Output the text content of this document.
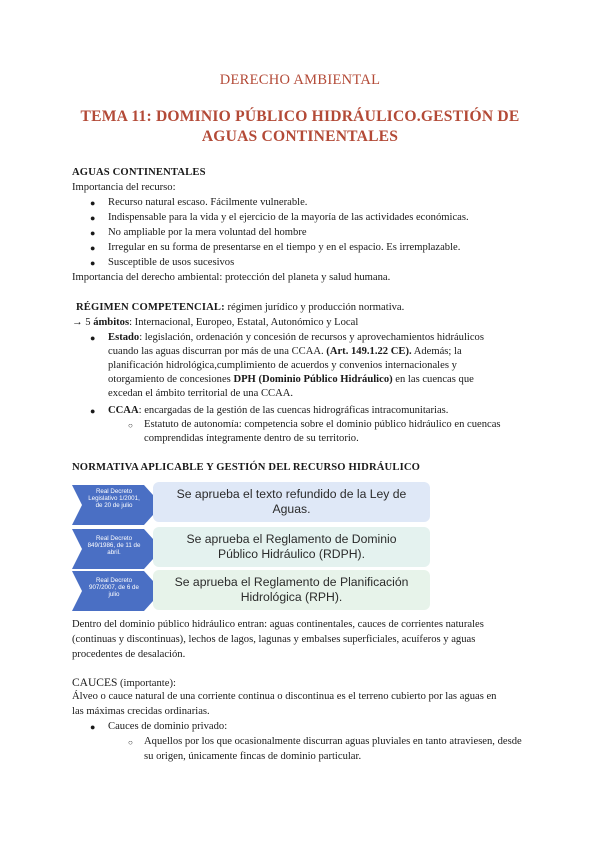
DERECHO AMBIENTAL
TEMA 11: DOMINIO PÚBLICO HIDRÁULICO.GESTIÓN DE
AGUAS CONTINENTALES
AGUAS CONTINENTALES
Importancia del recurso:
● Recurso natural escaso. Fácilmente vulnerable.
● Indispensable para la vida y el ejercicio de la mayoría de las actividades económicas.
● No ampliable por la mera voluntad del hombre
● Irregular en su forma de presentarse en el tiempo y en el espacio. Es irremplazable.
● Susceptible de usos sucesivos
Importancia del derecho ambiental: protección del planeta y salud humana.
RÉGIMEN COMPETENCIAL: régimen jurídico y producción normativa.
→ 5 ámbitos: Internacional, Europeo, Estatal, Autonómico y Local
● Estado: legislación, ordenación y concesión de recursos y aprovechamientos hidráulicos
cuando las aguas discurran por más de una CCAA. (Art. 149.1.22 CE). Además; la
planificación hidrológica,cumplimiento de acuerdos y convenios internacionales y
otorgamiento de concesiones DPH (Dominio Público Hidráulico) en las cuencas que
excedan el ámbito territorial de una CCAA.
● CCAA: encargadas de la gestión de las cuencas hidrográficas intracomunitarias.
○ Estatuto de autonomía: competencia sobre el dominio público hidráulico en cuencas
comprendidas íntegramente dentro de su territorio.
NORMATIVA APLICABLE Y GESTIÓN DEL RECURSO HIDRÁULICO
Real Decreto Legislativo 1/2001, de 20 de julio
Se aprueba el texto refundido de la Ley de Aguas.
Real Decreto 849/1986, de 11 de abril.
Se aprueba el Reglamento de Dominio Público Hidráulico (RDPH).
Real Decreto 907/2007, de 6 de julio
Se aprueba el Reglamento de Planificación Hidrológica (RPH).
Dentro del dominio público hidráulico entran: aguas continentales, cauces de corrientes naturales
(continuas y discontinuas), lechos de lagos, lagunas y embalses superficiales, acuíferos y aguas
procedentes de desalación.
CAUCES (importante):
Álveo o cauce natural de una corriente continua o discontinua es el terreno cubierto por las aguas en
las máximas crecidas ordinarias.
● Cauces de dominio privado:
○ Aquellos por los que ocasionalmente discurran aguas pluviales en tanto atraviesen, desde
su origen, únicamente fincas de dominio particular.
